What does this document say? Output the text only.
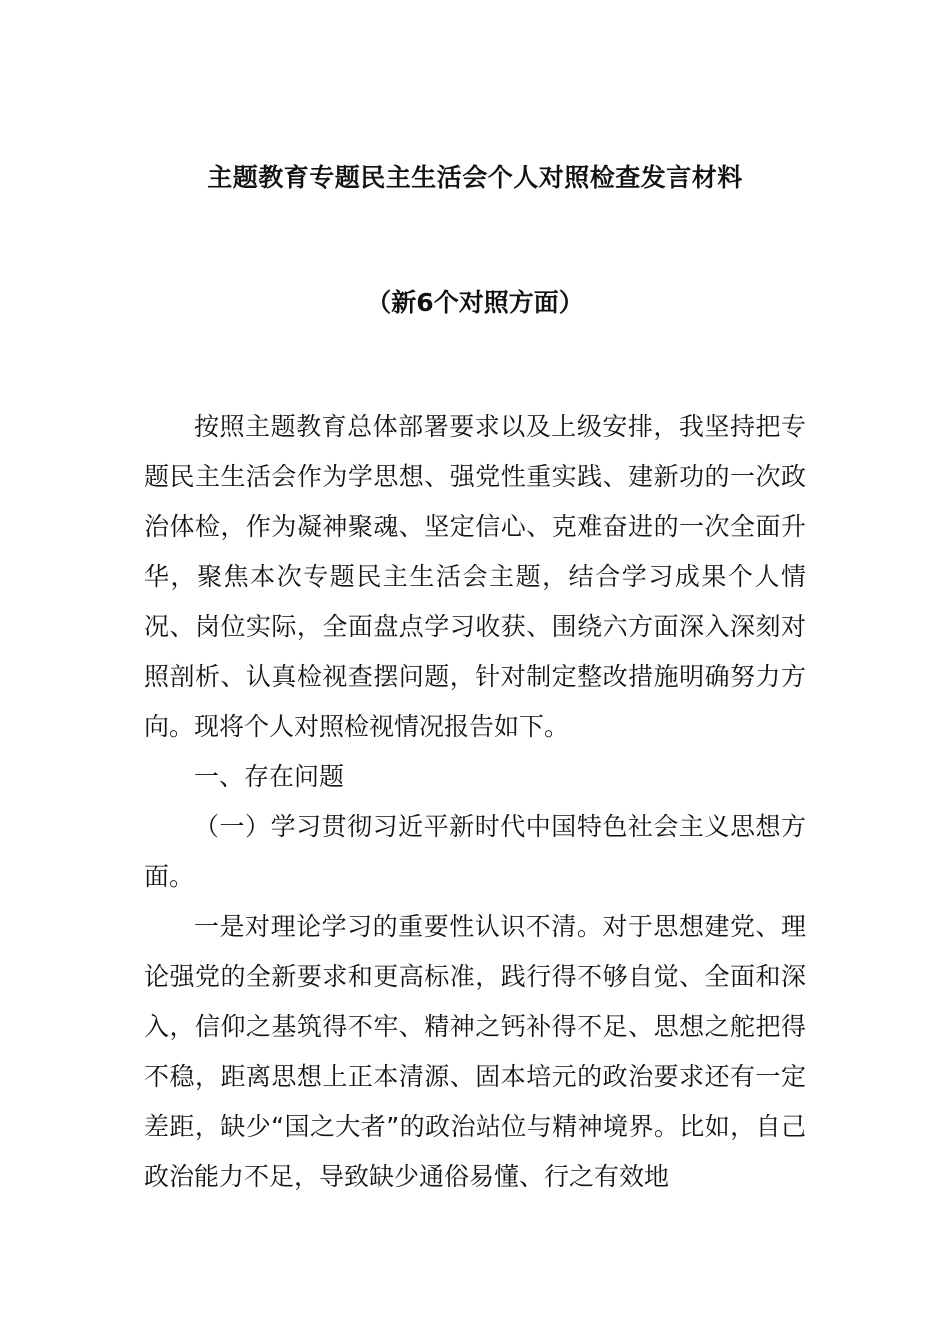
主题教育专题民主生活会个人对照检查发言材料
（新6个对照方面）

按照主题教育总体部署要求以及上级安排，我坚持把专题民主生活会作为学思想、强党性重实践、建新功的一次政治体检，作为凝神聚魂、坚定信心、克难奋进的一次全面升华，聚焦本次专题民主生活会主题，结合学习成果个人情况、岗位实际，全面盘点学习收获、围绕六方面深入深刻对照剖析、认真检视查摆问题，针对制定整改措施明确努力方向。现将个人对照检视情况报告如下。

一、存在问题

（一）学习贯彻习近平新时代中国特色社会主义思想方面。

一是对理论学习的重要性认识不清。对于思想建党、理论强党的全新要求和更高标准，践行得不够自觉、全面和深入，信仰之基筑得不牢、精神之钙补得不足、思想之舵把得不稳，距离思想上正本清源、固本培元的政治要求还有一定差距，缺少“国之大者”的政治站位与精神境界。比如，自己政治能力不足，导致缺少通俗易懂、行之有效地
